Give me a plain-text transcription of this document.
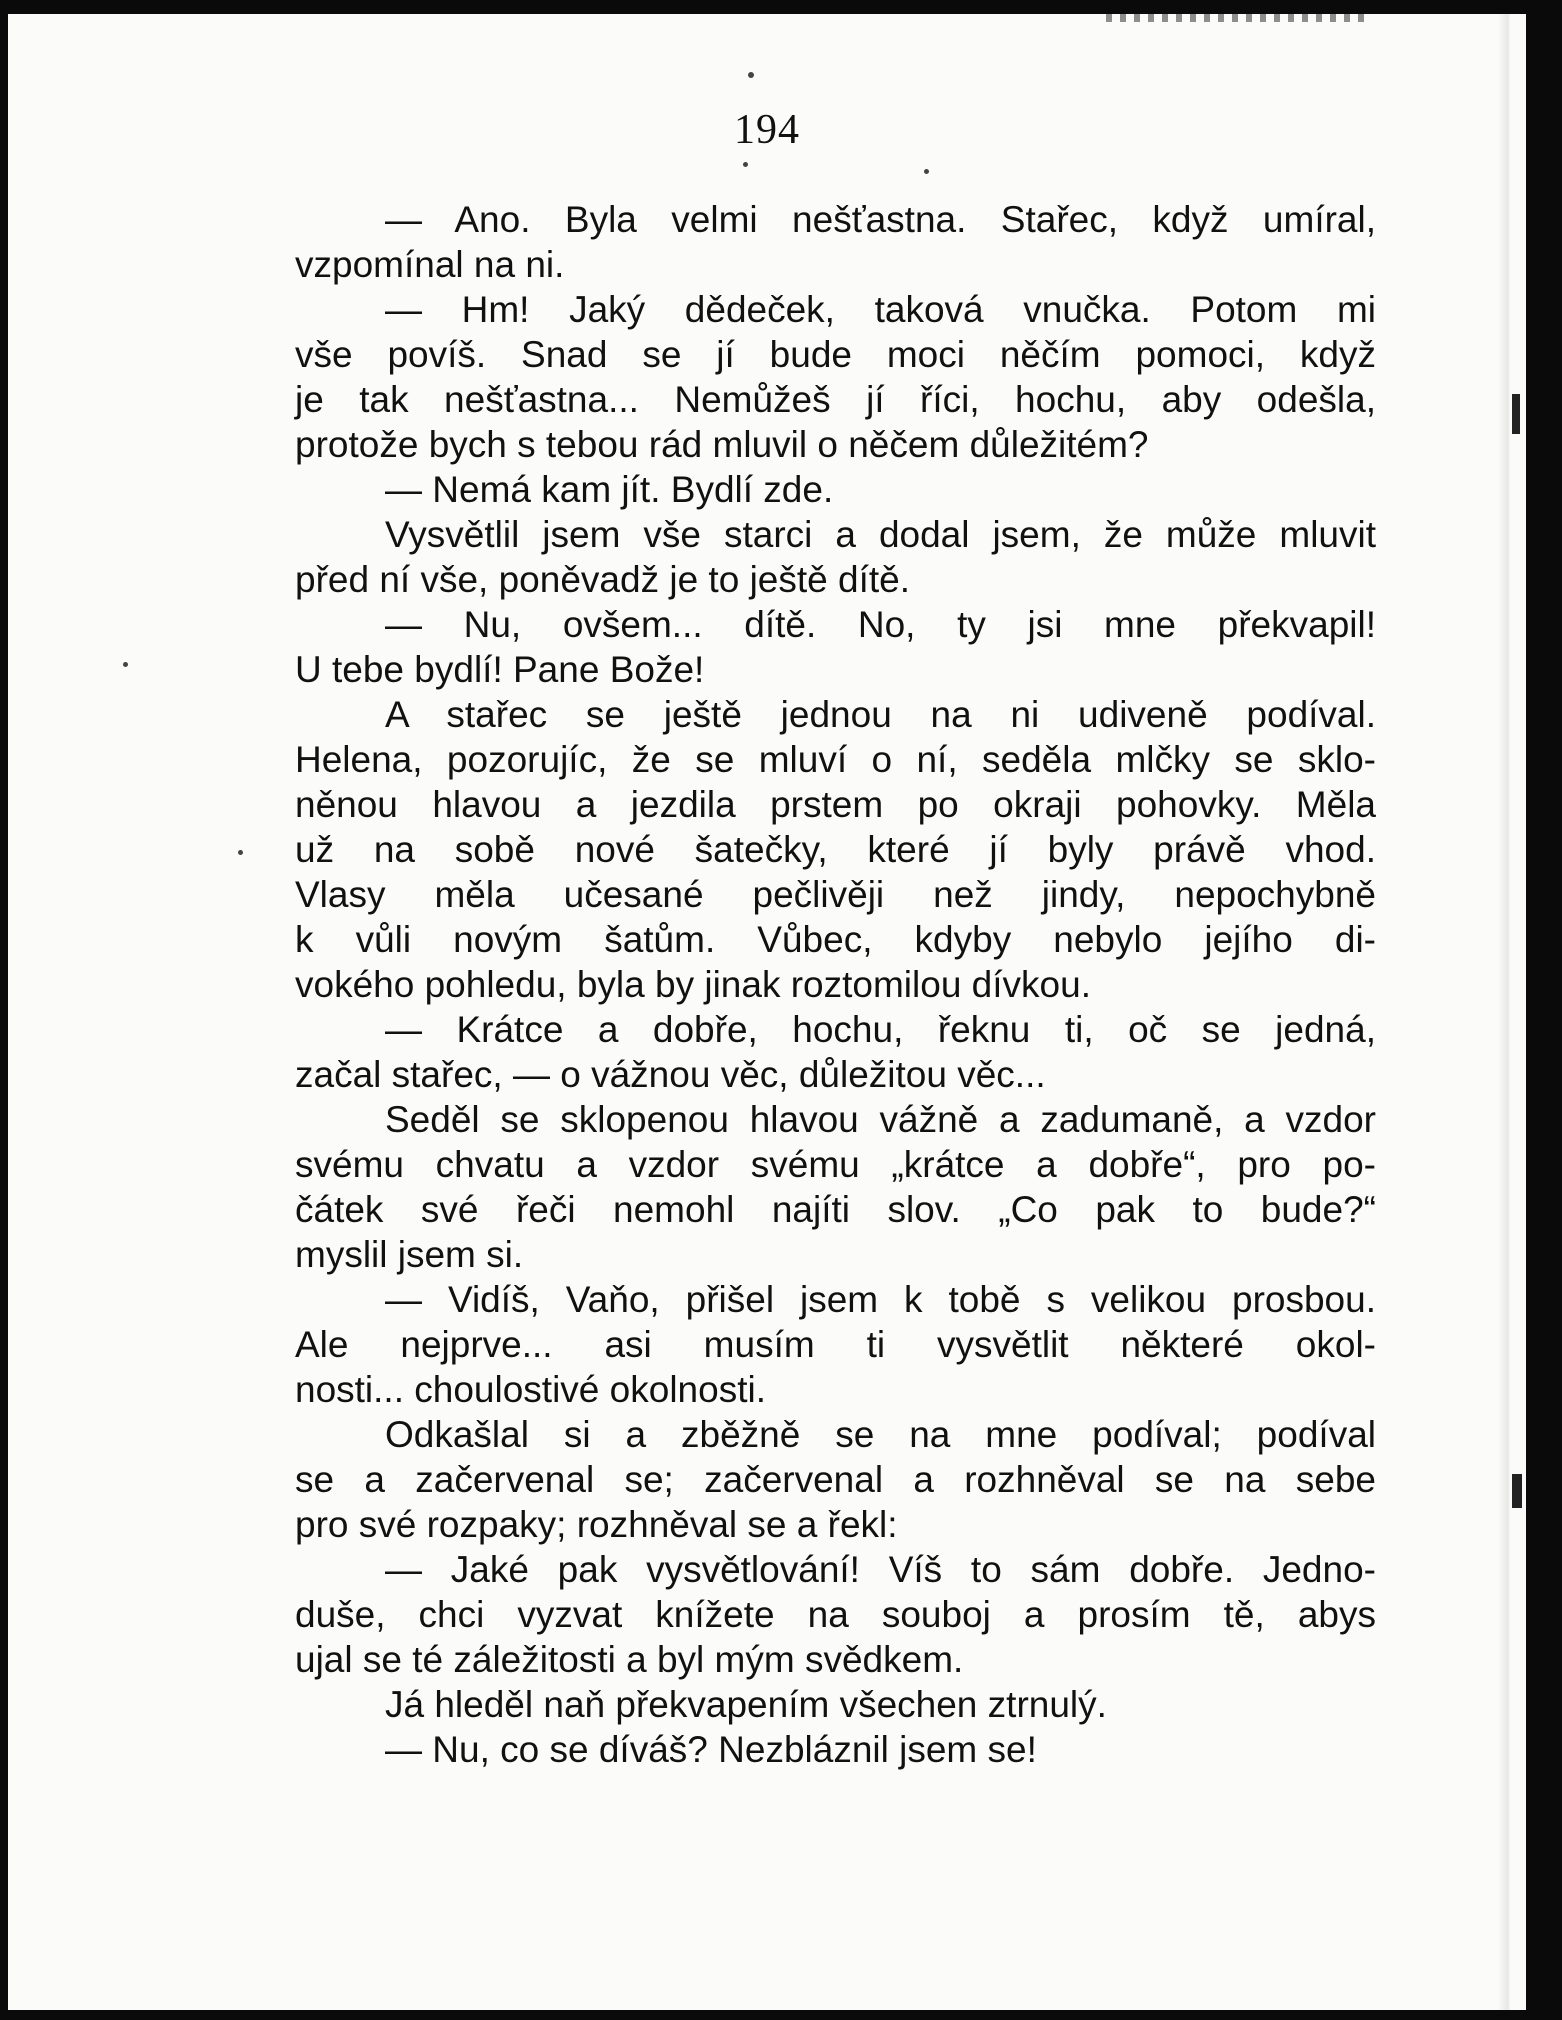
194
— Ano. Byla velmi nešťastna. Stařec, když umíral,
vzpomínal na ni.
— Hm! Jaký dědeček, taková vnučka. Potom mi
vše povíš. Snad se jí bude moci něčím pomoci, když
je tak nešťastna... Nemůžeš jí říci, hochu, aby odešla,
protože bych s tebou rád mluvil o něčem důležitém?
— Nemá kam jít. Bydlí zde.
Vysvětlil jsem vše starci a dodal jsem, že může mluvit
před ní vše, poněvadž je to ještě dítě.
— Nu, ovšem... dítě. No, ty jsi mne překvapil!
U tebe bydlí! Pane Bože!
A stařec se ještě jednou na ni udiveně podíval.
Helena, pozorujíc, že se mluví o ní, seděla mlčky se sklo-
něnou hlavou a jezdila prstem po okraji pohovky. Měla
už na sobě nové šatečky, které jí byly právě vhod.
Vlasy měla učesané pečlivěji než jindy, nepochybně
k vůli novým šatům. Vůbec, kdyby nebylo jejího di-
vokého pohledu, byla by jinak roztomilou dívkou.
— Krátce a dobře, hochu, řeknu ti, oč se jedná,
začal stařec, — o vážnou věc, důležitou věc...
Seděl se sklopenou hlavou vážně a zadumaně, a vzdor
svému chvatu a vzdor svému „krátce a dobře“, pro po-
čátek své řeči nemohl najíti slov. „Co pak to bude?“
myslil jsem si.
— Vidíš, Vaňo, přišel jsem k tobě s velikou prosbou.
Ale nejprve... asi musím ti vysvětlit některé okol-
nosti... choulostivé okolnosti.
Odkašlal si a zběžně se na mne podíval; podíval
se a začervenal se; začervenal a rozhněval se na sebe
pro své rozpaky; rozhněval se a řekl:
— Jaké pak vysvětlování! Víš to sám dobře. Jedno-
duše, chci vyzvat knížete na souboj a prosím tě, abys
ujal se té záležitosti a byl mým svědkem.
Já hleděl naň překvapením všechen ztrnulý.
— Nu, co se díváš? Nezbláznil jsem se!
